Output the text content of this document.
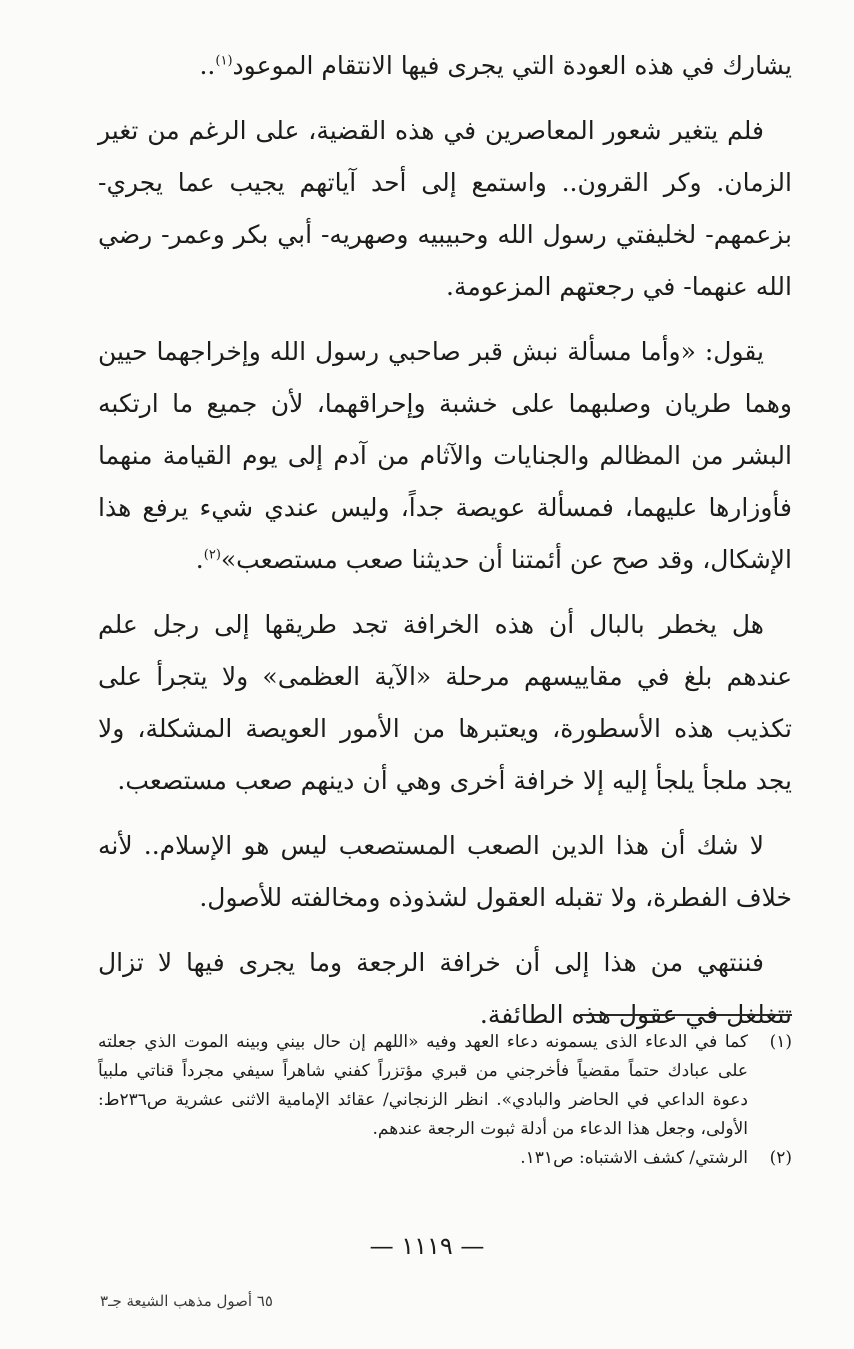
يشارك في هذه العودة التي يجرى فيها الانتقام الموعود$^{(١)}$..

فلم يتغير شعور المعاصرين في هذه القضية، على الرغم من تغير الزمان. وكر القرون.. واستمع إلى أحد آياتهم يجيب عما يجري- بزعمهم- لخليفتي رسول الله وحبيبيه وصهريه- أبي بكر وعمر- رضي الله عنهما- في رجعتهم المزعومة.

يقول: «وأما مسألة نبش قبر صاحبي رسول الله وإخراجهما حيين وهما طريان وصلبهما على خشبة وإحراقهما، لأن جميع ما ارتكبه البشر من المظالم والجنايات والآثام من آدم إلى يوم القيامة منهما فأوزارها عليهما، فمسألة عويصة جداً، وليس عندي شيء يرفع هذا الإشكال، وقد صح عن أئمتنا أن حديثنا صعب مستصعب»$^{(٢)}$.

هل يخطر بالبال أن هذه الخرافة تجد طريقها إلى رجل علم عندهم بلغ في مقاييسهم مرحلة «الآية العظمى» ولا يتجرأ على تكذيب هذه الأسطورة، ويعتبرها من الأمور العويصة المشكلة، ولا يجد ملجأ يلجأ إليه إلا خرافة أخرى وهي أن دينهم صعب مستصعب.

لا شك أن هذا الدين الصعب المستصعب ليس هو الإسلام.. لأنه خلاف الفطرة، ولا تقبله العقول لشذوذه ومخالفته للأصول.

فننتهي من هذا إلى أن خرافة الرجعة وما يجرى فيها لا تزال تتغلغل في عقول هذه الطائفة.

(١)
كما في الدعاء الذى يسمونه دعاء العهد وفيه «اللهم إن حال بيني وبينه الموت الذي جعلته على عبادك حتماً مقضياً فأخرجني من قبري مؤتزراً كفني شاهراً سيفي مجرداً قناتي ملبياً دعوة الداعي في الحاضر والبادي». انظر الزنجاني/ عقائد الإمامية الاثنى عشرية ص٢٣٦ط: الأولى، وجعل هذا الدعاء من أدلة ثبوت الرجعة عندهم.
(٢)
الرشتي/ كشف الاشتباه: ص١٣١.
— ١١١٩ —
٦٥ أصول مذهب الشيعة جـ٣
